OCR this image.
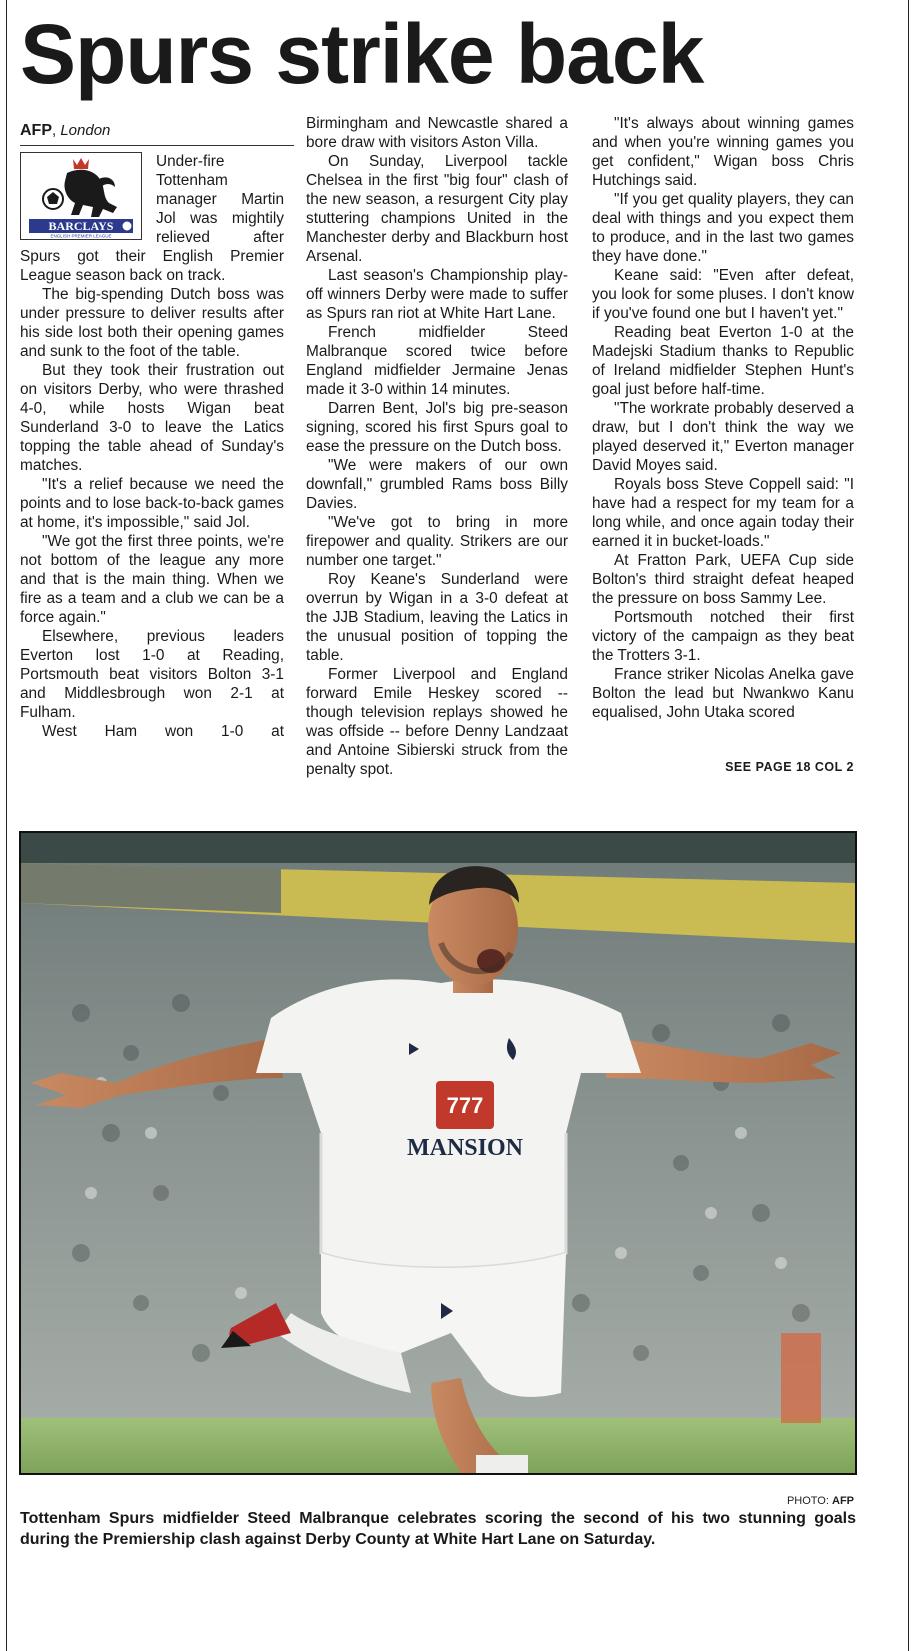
Spurs strike back
AFP, London
BARCLAYS
ENGLISH PREMIER LEAGUE

Under-fire Tottenham manager Martin Jol was mightily relieved after Spurs got their English Premier League season back on track.

The big-spending Dutch boss was under pressure to deliver results after his side lost both their opening games and sunk to the foot of the table.

But they took their frustration out on visitors Derby, who were thrashed 4-0, while hosts Wigan beat Sunderland 3-0 to leave the Latics topping the table ahead of Sunday's matches.

"It's a relief because we need the points and to lose back-to-back games at home, it's impossible," said Jol.

"We got the first three points, we're not bottom of the league any more and that is the main thing. When we fire as a team and a club we can be a force again."

Elsewhere, previous leaders Everton lost 1-0 at Reading, Portsmouth beat visitors Bolton 3-1 and Middlesbrough won 2-1 at Fulham.

West Ham won 1-0 at

Birmingham and Newcastle shared a bore draw with visitors Aston Villa.

On Sunday, Liverpool tackle Chelsea in the first "big four" clash of the new season, a resurgent City play stuttering champions United in the Manchester derby and Blackburn host Arsenal.

Last season's Championship play-off winners Derby were made to suffer as Spurs ran riot at White Hart Lane.

French midfielder Steed Malbranque scored twice before England midfielder Jermaine Jenas made it 3-0 within 14 minutes.

Darren Bent, Jol's big pre-season signing, scored his first Spurs goal to ease the pressure on the Dutch boss.

"We were makers of our own downfall," grumbled Rams boss Billy Davies.

"We've got to bring in more firepower and quality. Strikers are our number one target."

Roy Keane's Sunderland were overrun by Wigan in a 3-0 defeat at the JJB Stadium, leaving the Latics in the unusual position of topping the table.

Former Liverpool and England forward Emile Heskey scored -- though television replays showed he was offside -- before Denny Landzaat and Antoine Sibierski struck from the penalty spot.

"It's always about winning games and when you're winning games you get confident," Wigan boss Chris Hutchings said.

"If you get quality players, they can deal with things and you expect them to produce, and in the last two games they have done."

Keane said: "Even after defeat, you look for some pluses. I don't know if you've found one but I haven't yet."

Reading beat Everton 1-0 at the Madejski Stadium thanks to Republic of Ireland midfielder Stephen Hunt's goal just before half-time.

"The workrate probably deserved a draw, but I don't think the way we played deserved it," Everton manager David Moyes said.

Royals boss Steve Coppell said: "I have had a respect for my team for a long while, and once again today their earned it in bucket-loads."

At Fratton Park, UEFA Cup side Bolton's third straight defeat heaped the pressure on boss Sammy Lee.

Portsmouth notched their first victory of the campaign as they beat the Trotters 3-1.

France striker Nicolas Anelka gave Bolton the lead but Nwankwo Kanu equalised, John Utaka scored

SEE PAGE 18 COL 2
777
MANSION
PHOTO: AFP
Tottenham Spurs midfielder Steed Malbranque celebrates scoring the second of his two stunning goals during the Premiership clash against Derby County at White Hart Lane on Saturday.
